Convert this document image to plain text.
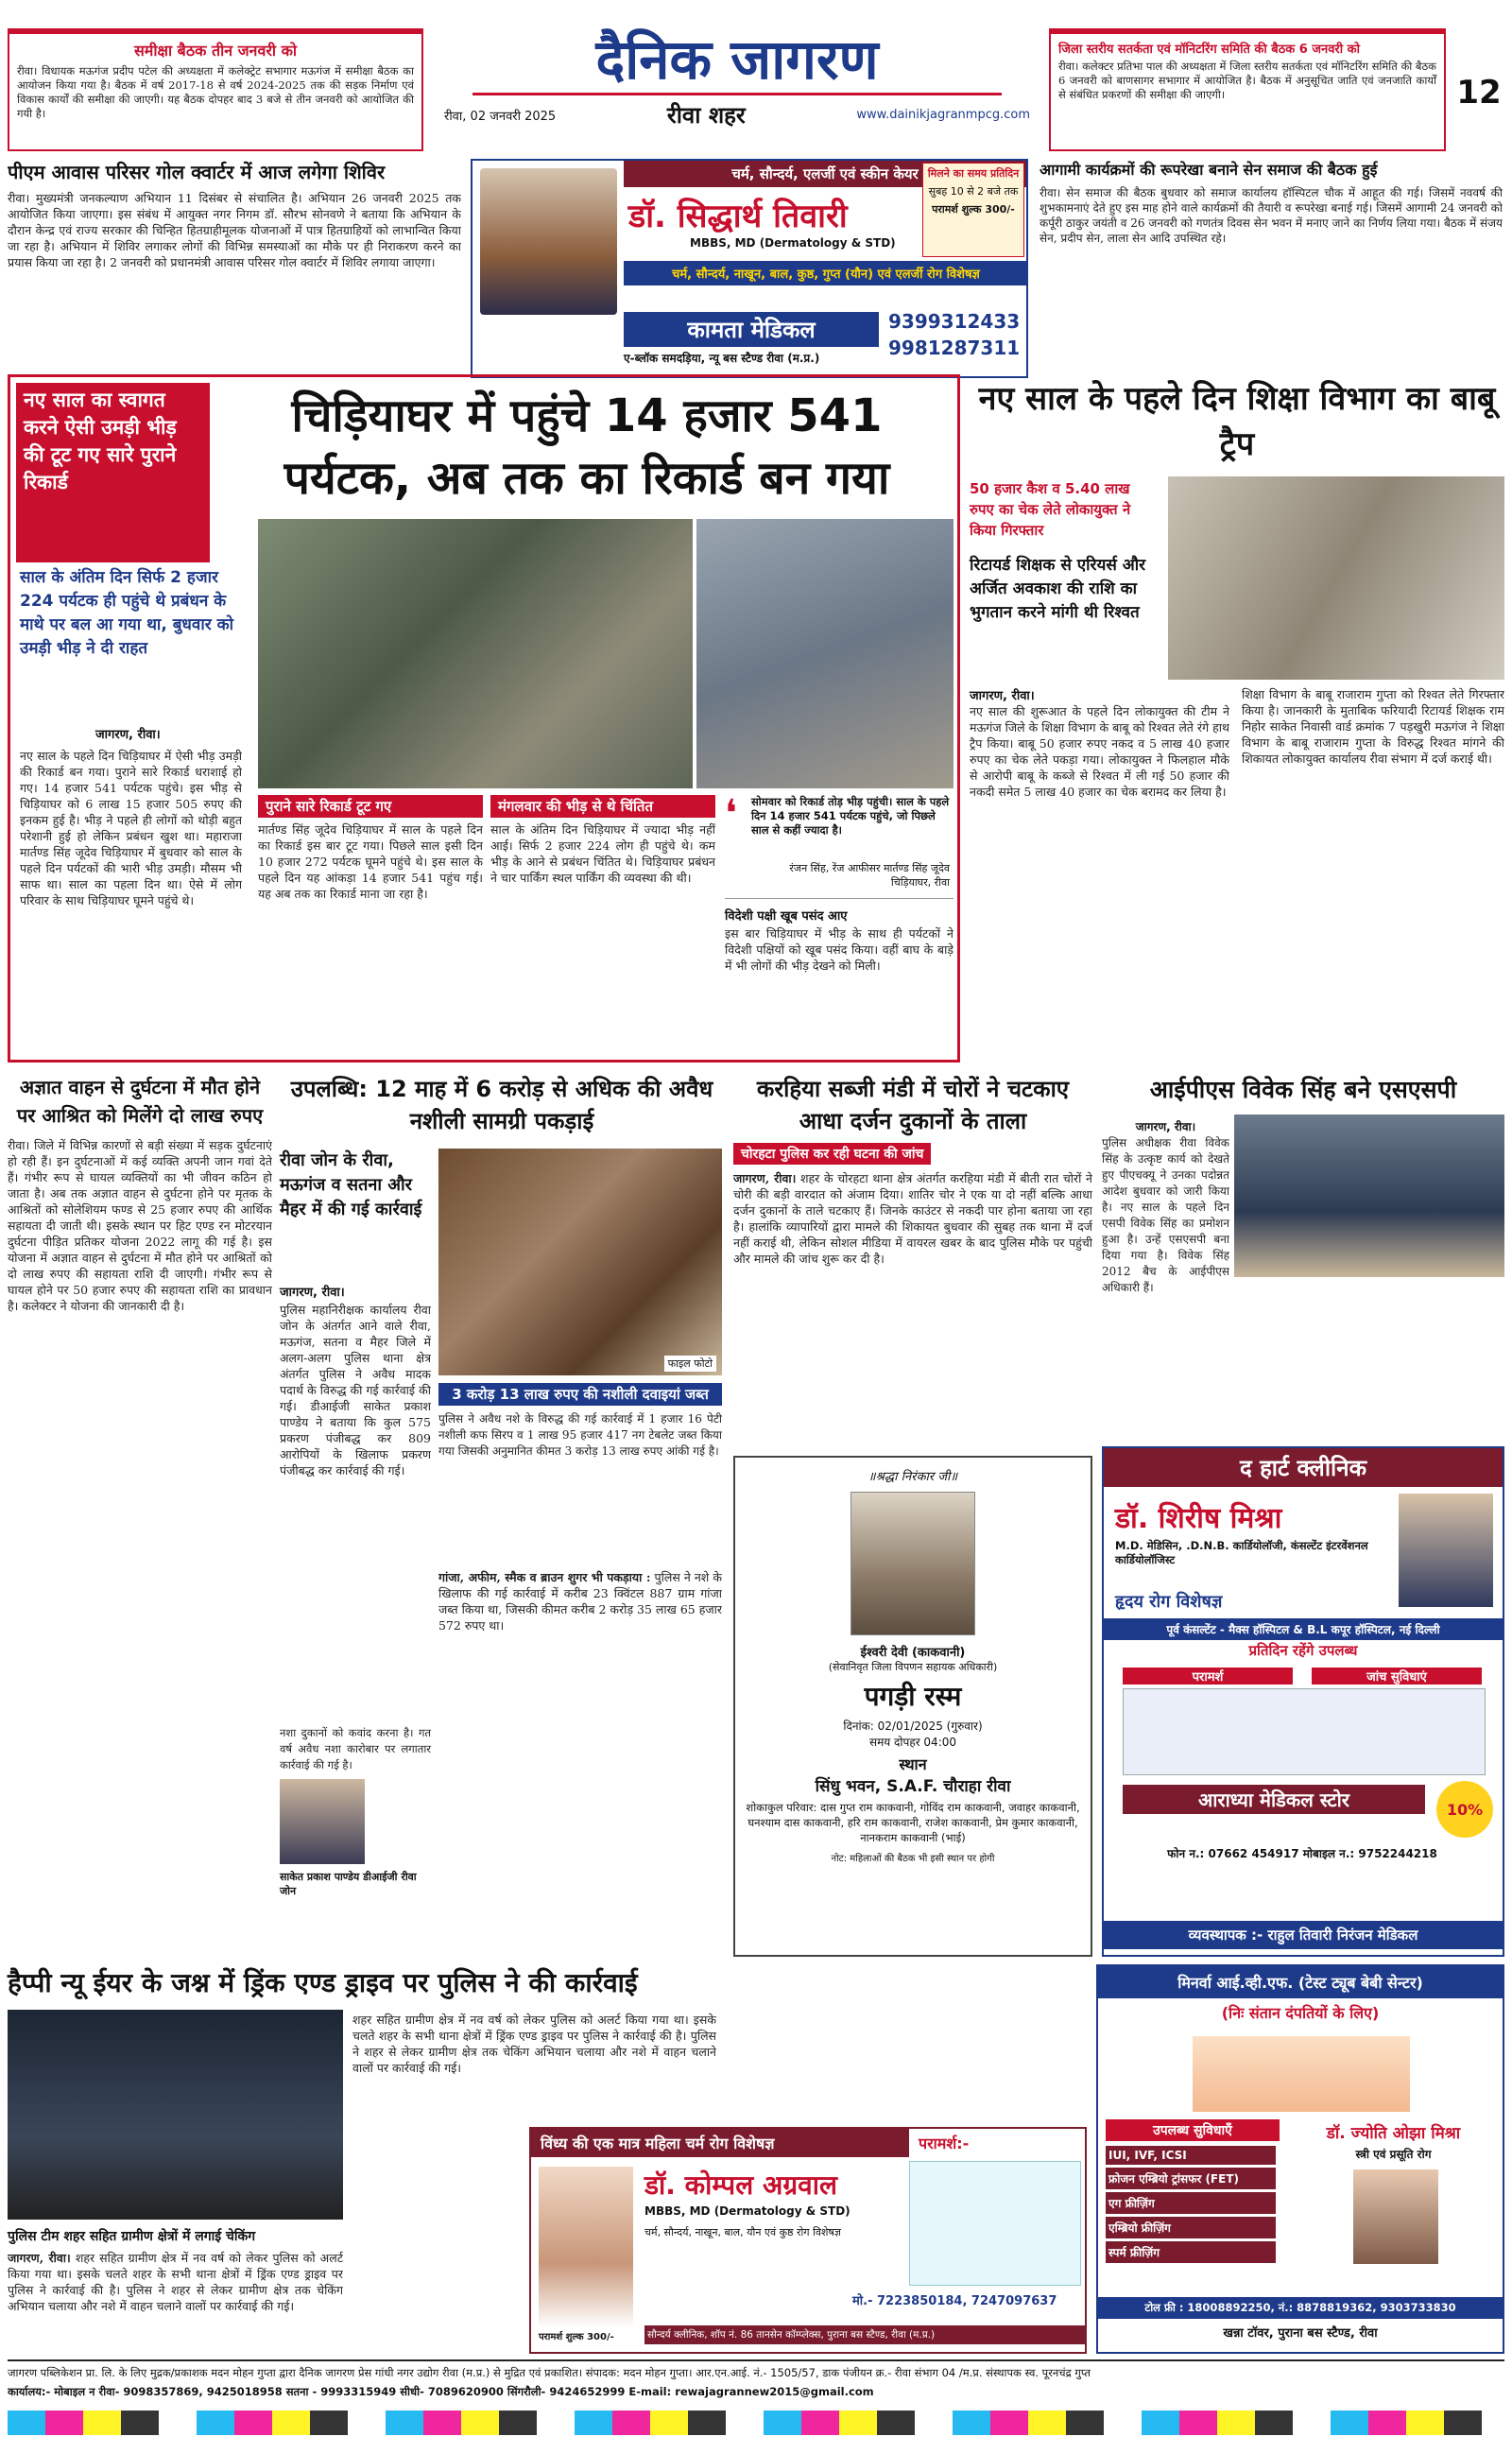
समीक्षा बैठक तीन जनवरी को
रीवा। विधायक मऊगंज प्रदीप पटेल की अध्यक्षता में कलेक्ट्रेट सभागार मऊगंज में समीक्षा बैठक का आयोजन किया गया है। बैठक में वर्ष 2017-18 से वर्ष 2024-2025 तक की सड़क निर्माण एवं विकास कार्यों की समीक्षा की जाएगी। यह बैठक दोपहर बाद 3 बजे से तीन जनवरी को आयोजित की गयी है।
दैनिक जागरण
रीवा, 02 जनवरी 2025	रीवा शहर	www.dainikjagranmpcg.com
जिला स्तरीय सतर्कता एवं मॉनिटरिंग समिति की बैठक 6 जनवरी को
रीवा। कलेक्टर प्रतिभा पाल की अध्यक्षता में जिला स्तरीय सतर्कता एवं मॉनिटरिंग समिति की बैठक 6 जनवरी को बाणसागर सभागार में आयोजित है। बैठक में अनुसूचित जाति एवं जनजाति कार्यों से संबंधित प्रकरणों की समीक्षा की जाएगी।	12
पीएम आवास परिसर गोल क्वार्टर में आज लगेगा शिविर
रीवा। मुख्यमंत्री जनकल्याण अभियान 11 दिसंबर से संचालित है। अभियान 26 जनवरी 2025 तक आयोजित किया जाएगा। इस संबंध में आयुक्त नगर निगम डॉ. सौरभ सोनवणे ने बताया कि अभियान के दौरान केन्द्र एवं राज्य सरकार की चिन्हित हितग्राहीमूलक योजनाओं में पात्र हितग्राहियों को लाभान्वित किया जा रहा है। अभियान में शिविर लगाकर लोगों की विभिन्न समस्याओं का मौके पर ही निराकरण करने का प्रयास किया जा रहा है। 2 जनवरी को प्रधानमंत्री आवास परिसर गोल क्वार्टर में शिविर लगाया जाएगा।
चर्म, सौन्दर्य, एलर्जी एवं स्कीन केयर
डॉ. सिद्धार्थ तिवारी
MBBS, MD (Dermatology & STD)
मिलने का समय प्रतिदिन
सुबह 10 से 2 बजे तक
परामर्श शुल्क 300/-
चर्म, सौन्दर्य, नाखून, बाल, कुष्ठ, गुप्त (यौन) एवं एलर्जी रोग विशेषज्ञ
कामता मेडिकल
ए-ब्लॉक समदड़िया, न्यू बस स्टैण्ड रीवा (म.प्र.)
9399312433
9981287311
आगामी कार्यक्रमों की रूपरेखा बनाने सेन समाज की बैठक हुई
रीवा। सेन समाज की बैठक बुधवार को समाज कार्यालय हॉस्पिटल चौक में आहूत की गई। जिसमें नववर्ष की शुभकामनाएं देते हुए इस माह होने वाले कार्यक्रमों की तैयारी व रूपरेखा बनाई गई। जिसमें आगामी 24 जनवरी को कर्पूरी ठाकुर जयंती व 26 जनवरी को गणतंत्र दिवस सेन भवन में मनाए जाने का निर्णय लिया गया। बैठक में संजय सेन, प्रदीप सेन, लाला सेन आदि उपस्थित रहे।
नए साल का स्वागत करने ऐसी उमड़ी भीड़ की टूट गए सारे पुराने रिकार्ड
चिड़ियाघर में पहुंचे 14 हजार 541 पर्यटक, अब तक का रिकार्ड बन गया
साल के अंतिम दिन सिर्फ 2 हजार 224 पर्यटक ही पहुंचे थे प्रबंधन के माथे पर बल आ गया था, बुधवार को उमड़ी भीड़ ने दी राहत
जागरण, रीवा।
नए साल के पहले दिन चिड़ियाघर में ऐसी भीड़ उमड़ी की रिकार्ड बन गया। पुराने सारे रिकार्ड धराशाई हो गए। 14 हजार 541 पर्यटक पहुंचे। इस भीड़ से चिड़ियाघर को 6 लाख 15 हजार 505 रुपए की इनकम हुई है। भीड़ ने पहले ही लोगों को थोड़ी बहुत परेशानी हुई हो लेकिन प्रबंधन खुश था। महाराजा मार्तण्ड सिंह जूदेव चिड़ियाघर में बुधवार को साल के पहले दिन पर्यटकों की भारी भीड़ उमड़ी। मौसम भी साफ था। साल का पहला दिन था। ऐसे में लोग परिवार के साथ चिड़ियाघर घूमने पहुंचे थे।
पुराने सारे रिकार्ड टूट गए
मार्तण्ड सिंह जूदेव चिड़ियाघर में साल के पहले दिन का रिकार्ड इस बार टूट गया। पिछले साल इसी दिन 10 हजार 272 पर्यटक घूमने पहुंचे थे। इस साल के पहले दिन यह आंकड़ा 14 हजार 541 पहुंच गई। यह अब तक का रिकार्ड माना जा रहा है।
मंगलवार की भीड़ से थे चिंतित
साल के अंतिम दिन चिड़ियाघर में ज्यादा भीड़ नहीं आई। सिर्फ 2 हजार 224 लोग ही पहुंचे थे। कम भीड़ के आने से प्रबंधन चिंतित थे। चिड़ियाघर प्रबंधन ने चार पार्किंग स्थल पार्किंग की व्यवस्था की थी।
❛ सोमवार को रिकार्ड तोड़ भीड़ पहुंची। साल के पहले दिन 14 हजार 541 पर्यटक पहुंचे, जो पिछले साल से कहीं ज्यादा है।
रंजन सिंह, रेंज आफीसर मार्तण्ड सिंह जूदेव चिड़ियाघर, रीवा
विदेशी पक्षी खूब पसंद आए
इस बार चिड़ियाघर में भीड़ के साथ ही पर्यटकों ने विदेशी पक्षियों को खूब पसंद किया। वहीं बाघ के बाड़े में भी लोगों की भीड़ देखने को मिली।
नए साल के पहले दिन शिक्षा विभाग का बाबू ट्रैप
50 हजार कैश व 5.40 लाख रुपए का चेक लेते लोकायुक्त ने किया गिरफ्तार
रिटायर्ड शिक्षक से एरियर्स और अर्जित अवकाश की राशि का भुगतान करने मांगी थी रिश्वत
जागरण, रीवा।
नए साल की शुरूआत के पहले दिन लोकायुक्त की टीम ने मऊगंज जिले के शिक्षा विभाग के बाबू को रिश्वत लेते रंगे हाथ ट्रैप किया। बाबू 50 हजार रुपए नकद व 5 लाख 40 हजार रुपए का चेक लेते पकड़ा गया। लोकायुक्त ने फिलहाल मौके से आरोपी बाबू के कब्जे से रिश्वत में ली गई 50 हजार की नकदी समेत 5 लाख 40 हजार का चेक बरामद कर लिया है।
शिक्षा विभाग के बाबू राजाराम गुप्ता को रिश्वत लेते गिरफ्तार किया है। जानकारी के मुताबिक फरियादी रिटायर्ड शिक्षक राम निहोर साकेत निवासी वार्ड क्रमांक 7 पड़खुरी मऊगंज ने शिक्षा विभाग के बाबू राजाराम गुप्ता के विरुद्ध रिश्वत मांगने की शिकायत लोकायुक्त कार्यालय रीवा संभाग में दर्ज कराई थी।
अज्ञात वाहन से दुर्घटना में मौत होने पर आश्रित को मिलेंगे दो लाख रुपए
रीवा। जिले में विभिन्न कारणों से बड़ी संख्या में सड़क दुर्घटनाएं हो रही हैं। इन दुर्घटनाओं में कई व्यक्ति अपनी जान गवां देते हैं। गंभीर रूप से घायल व्यक्तियों का भी जीवन कठिन हो जाता है। अब तक अज्ञात वाहन से दुर्घटना होने पर मृतक के आश्रितों को सोलेशियम फण्ड से 25 हजार रुपए की आर्थिक सहायता दी जाती थी। इसके स्थान पर हिट एण्ड रन मोटरयान दुर्घटना पीड़ित प्रतिकर योजना 2022 लागू की गई है। इस योजना में अज्ञात वाहन से दुर्घटना में मौत होने पर आश्रितों को दो लाख रुपए की सहायता राशि दी जाएगी। गंभीर रूप से घायल होने पर 50 हजार रुपए की सहायता राशि का प्रावधान है। कलेक्टर ने योजना की जानकारी दी है।
उपलब्धि: 12 माह में 6 करोड़ से अधिक की अवैध नशीली सामग्री पकड़ाई
रीवा जोन के रीवा, मऊगंज व सतना और मैहर में की गई कार्रवाई
फाइल फोटो
जागरण, रीवा।
पुलिस महानिरीक्षक कार्यालय रीवा जोन के अंतर्गत आने वाले रीवा, मऊगंज, सतना व मैहर जिले में अलग-अलग पुलिस थाना क्षेत्र अंतर्गत पुलिस ने अवैध मादक पदार्थ के विरुद्ध की गई कार्रवाई की गई। डीआईजी साकेत प्रकाश पाण्डेय ने बताया कि कुल 575 प्रकरण पंजीबद्ध कर 809 आरोपियों के खिलाफ प्रकरण पंजीबद्ध कर कार्रवाई की गई।
3 करोड़ 13 लाख रुपए की नशीली दवाइयां जब्त
पुलिस ने अवैध नशे के विरुद्ध की गई कार्रवाई में 1 हजार 16 पेटी नशीली कफ सिरप व 1 लाख 95 हजार 417 नग टेबलेट जब्त किया गया जिसकी अनुमानित कीमत 3 करोड़ 13 लाख रुपए आंकी गई है।
गांजा, अफीम, स्मैक व ब्राउन शुगर भी पकड़ाया : पुलिस ने नशे के खिलाफ की गई कार्रवाई में करीब 23 क्विंटल 887 ग्राम गांजा जब्त किया था, जिसकी कीमत करीब 2 करोड़ 35 लाख 65 हजार 572 रुपए था।
नशा दुकानों को कवांद करना है। गत वर्ष अवैध नशा कारोबार पर लगातार कार्रवाई की गई है।
साकेत प्रकाश पाण्डेय डीआईजी रीवा जोन
करहिया सब्जी मंडी में चोरों ने चटकाए आधा दर्जन दुकानों के ताला
चोरहटा पुलिस कर रही घटना की जांच
जागरण, रीवा। शहर के चोरहटा थाना क्षेत्र अंतर्गत करहिया मंडी में बीती रात चोरों ने चोरी की बड़ी वारदात को अंजाम दिया। शातिर चोर ने एक या दो नहीं बल्कि आधा दर्जन दुकानों के ताले चटकाए हैं। जिनके काउंटर से नकदी पार होना बताया जा रहा है। हालांकि व्यापारियों द्वारा मामले की शिकायत बुधवार की सुबह तक थाना में दर्ज नहीं कराई थी, लेकिन सोशल मीडिया में वायरल खबर के बाद पुलिस मौके पर पहुंची और मामले की जांच शुरू कर दी है।
॥श्रद्धा निरंकार जी॥
ईश्वरी देवी (काकवानी)
(सेवानिवृत जिला विपणन सहायक अधिकारी)
पगड़ी रस्म
दिनांक: 02/01/2025 (गुरुवार)
समय दोपहर 04:00
स्थान
सिंधु भवन, S.A.F. चौराहा रीवा
शोकाकुल परिवार: दास गुप्त राम काकवानी, गोविंद राम काकवानी, जवाहर काकवानी, घनश्याम दास काकवानी, हरि राम काकवानी, राजेश काकवानी, प्रेम कुमार काकवानी, नानकराम काकवानी (भाई)
नोट: महिलाओं की बैठक भी इसी स्थान पर होगी
आईपीएस विवेक सिंह बने एसएसपी
जागरण, रीवा।
पुलिस अधीक्षक रीवा विवेक सिंह के उत्कृष्ट कार्य को देखते हुए पीएचक्यू ने उनका पदोन्नत आदेश बुधवार को जारी किया है। नए साल के पहले दिन एसपी विवेक सिंह का प्रमोशन हुआ है। उन्हें एसएसपी बना दिया गया है। विवेक सिंह 2012 बैच के आईपीएस अधिकारी हैं।
द हार्ट क्लीनिक
डॉ. शिरीष मिश्रा
M.D. मेडिसिन, .D.N.B. कार्डियोलॉजी, कंसल्टेंट इंटरवेंशनल कार्डियोलॉजिस्ट
हृदय रोग विशेषज्ञ
पूर्व कंसल्टेंट - मैक्स हॉस्पिटल & B.L कपूर हॉस्पिटल, नई दिल्ली
प्रतिदिन रहेंगे उपलब्ध
परामर्श	जांच सुविधाएं
आराध्या मेडिकल स्टोर	10%
फोन न.: 07662 454917 मोबाइल न.: 9752244218
व्यवस्थापक :- राहुल तिवारी निरंजन मेडिकल
हैप्पी न्यू ईयर के जश्न में ड्रिंक एण्ड ड्राइव पर पुलिस ने की कार्रवाई
पुलिस टीम शहर सहित ग्रामीण क्षेत्रों में लगाई चेकिंग
जागरण, रीवा। शहर सहित ग्रामीण क्षेत्र में नव वर्ष को लेकर पुलिस को अलर्ट किया गया था। इसके चलते शहर के सभी थाना क्षेत्रों में ड्रिंक एण्ड ड्राइव पर पुलिस ने कार्रवाई की है। पुलिस ने शहर से लेकर ग्रामीण क्षेत्र तक चेकिंग अभियान चलाया और नशे में वाहन चलाने वालों पर कार्रवाई की गई।
शहर सहित ग्रामीण क्षेत्र में नव वर्ष को लेकर पुलिस को अलर्ट किया गया था। इसके चलते शहर के सभी थाना क्षेत्रों में ड्रिंक एण्ड ड्राइव पर पुलिस ने कार्रवाई की है। पुलिस ने शहर से लेकर ग्रामीण क्षेत्र तक चेकिंग अभियान चलाया और नशे में वाहन चलाने वालों पर कार्रवाई की गई।
विंध्य की एक मात्र महिला चर्म रोग विशेषज्ञ	परामर्श:-
डॉ. कोम्पल अग्रवाल
MBBS, MD (Dermatology & STD)
चर्म, सौन्दर्य, नाखून, बाल, यौन एवं कुष्ठ रोग विशेषज्ञ
मो.- 7223850184, 7247097637
परामर्श शुल्क 300/-	सौन्दर्य क्लीनिक, शॉप नं. 86 तानसेन कॉम्प्लेक्स, पुराना बस स्टैण्ड, रीवा (म.प्र.)
मिनर्वा आई.व्ही.एफ. (टेस्ट ट्यूब बेबी सेन्टर)
(निः संतान दंपतियों के लिए)
उपलब्ध सुविधाएँ
IUI, IVF, ICSI
फ्रोजन एम्ब्रियो ट्रांसफर (FET)
एग फ्रीज़िंग
एम्ब्रियो फ्रीज़िंग
स्पर्म फ्रीज़िंग
डॉ. ज्योति ओझा मिश्रा
स्त्री एवं प्रसूति रोग
टोल फ्री : 18008892250, नं.: 8878819362, 9303733830
खन्ना टॉवर, पुराना बस स्टैण्ड, रीवा
जागरण पब्लिकेशन प्रा. लि. के लिए मुद्रक/प्रकाशक मदन मोहन गुप्ता द्वारा दैनिक जागरण प्रेस गांधी नगर उद्योग रीवा (म.प्र.) से मुद्रित एवं प्रकाशित। संपादक: मदन मोहन गुप्ता। आर.एन.आई. नं.- 1505/57, डाक पंजीयन क्र.- रीवा संभाग 04 /म.प्र. संस्थापक स्व. पूरनचंद्र गुप्त
कार्यालय:- मोबाइल न रीवा- 9098357869, 9425018958 सतना - 9993315949 सीधी- 7089620900 सिंगरौली- 9424652999 E-mail: rewajagrannew2015@gmail.com
